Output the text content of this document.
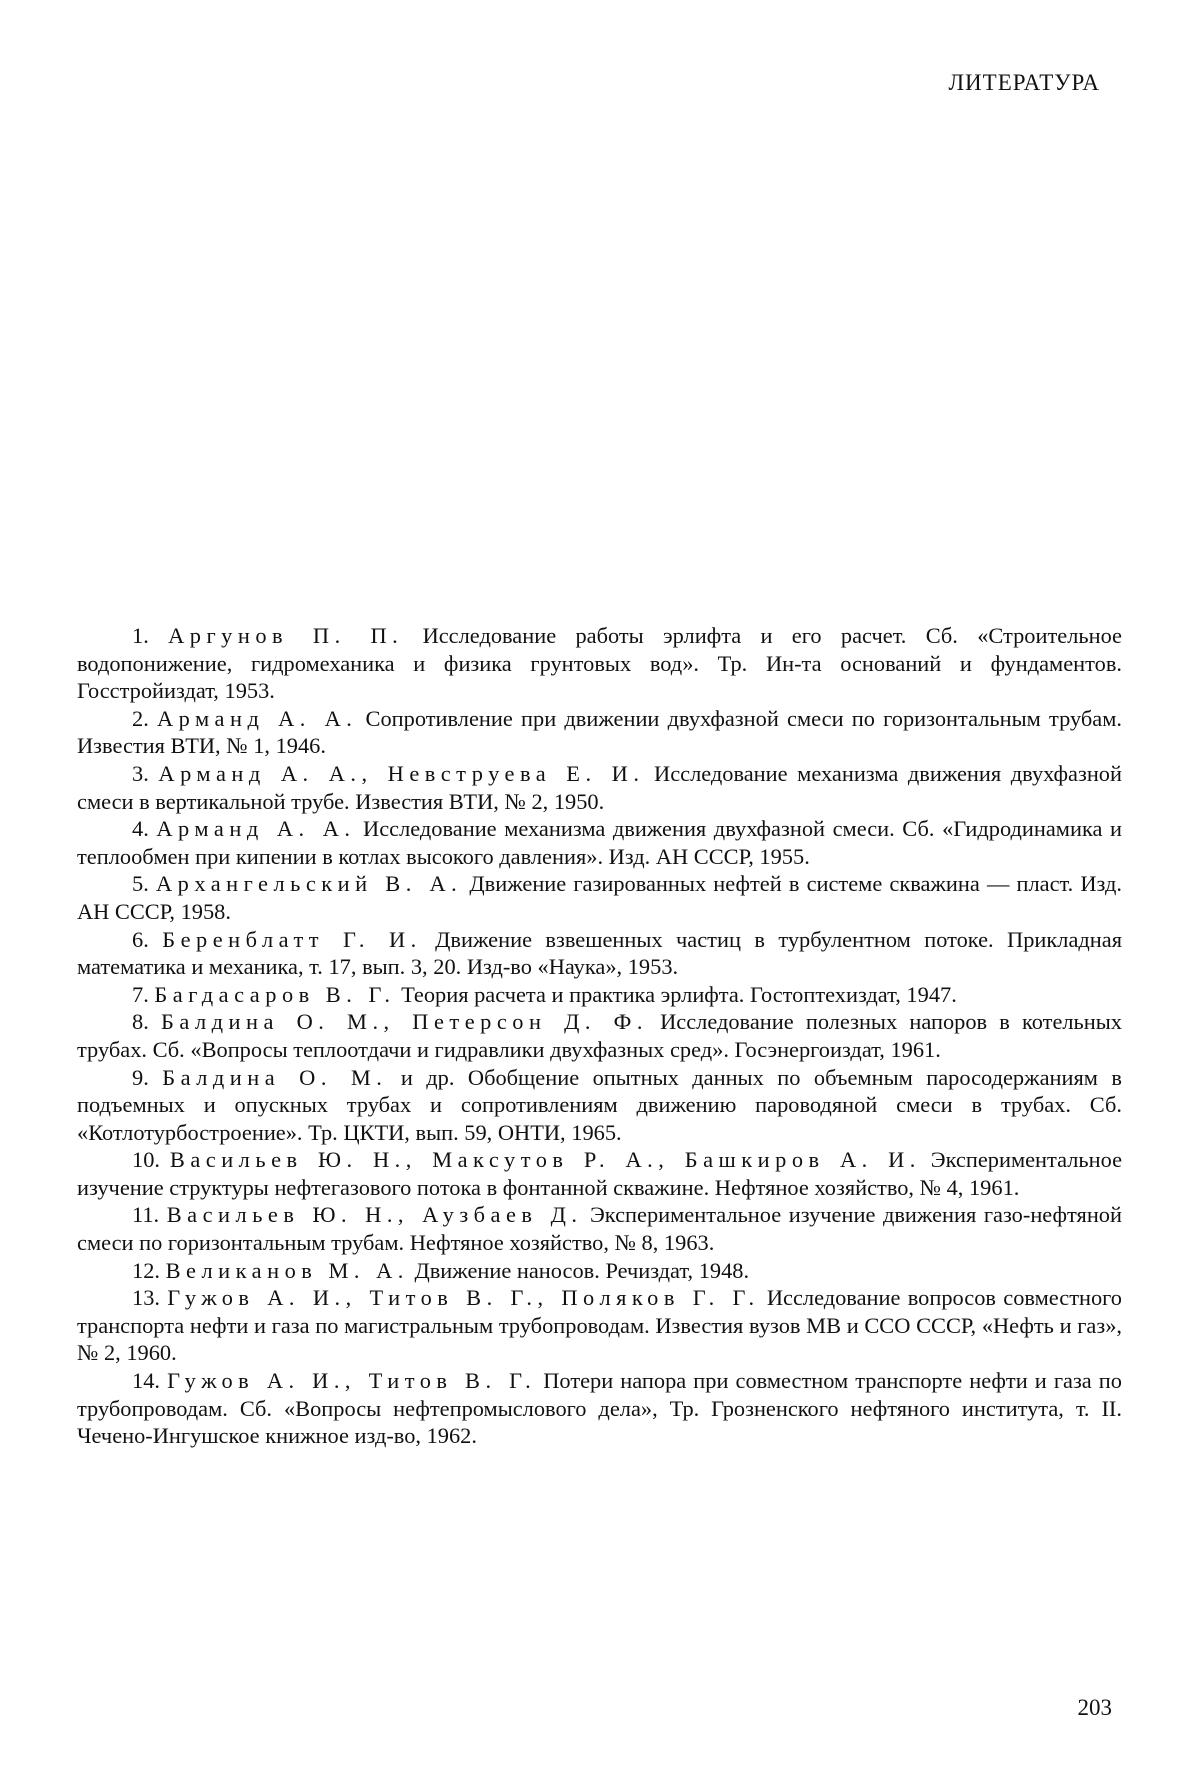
ЛИТЕРАТУРА

1. Аргунов П. П. Исследование работы эрлифта и его расчет. Сб. «Строительное водопонижение, гидромеханика и физика грунтовых вод». Тр. Ин-та оснований и фундаментов. Госстройиздат, 1953.

2. Арманд А. А. Сопротивление при движении двухфазной смеси по горизонтальным трубам. Известия ВТИ, № 1, 1946.

3. Арманд А. А., Невструева Е. И. Исследование механизма движения двухфазной смеси в вертикальной трубе. Известия ВТИ, № 2, 1950.

4. Арманд А. А. Исследование механизма движения двухфазной смеси. Сб. «Гидродинамика и теплообмен при кипении в котлах высокого давления». Изд. АН СССР, 1955.

5. Архангельский В. А. Движение газированных нефтей в системе скважина — пласт. Изд. АН СССР, 1958.

6. Беренблатт Г. И. Движение взвешенных частиц в турбулентном потоке. Прикладная математика и механика, т. 17, вып. 3, 20. Изд-во «Наука», 1953.

7. Багдасаров В. Г. Теория расчета и практика эрлифта. Гостоптехиздат, 1947.

8. Балдина О. М., Петерсон Д. Ф. Исследование полезных напоров в котельных трубах. Сб. «Вопросы теплоотдачи и гидравлики двухфазных сред». Госэнергоиздат, 1961.

9. Балдина О. М. и др. Обобщение опытных данных по объемным паросодержаниям в подъемных и опускных трубах и сопротивлениям движению пароводяной смеси в трубах. Сб. «Котлотурбостроение». Тр. ЦКТИ, вып. 59, ОНТИ, 1965.

10. Васильев Ю. Н., Максутов Р. А., Башкиров А. И. Экспериментальное изучение структуры нефтегазового потока в фонтанной скважине. Нефтяное хозяйство, № 4, 1961.

11. Васильев Ю. Н., Аузбаев Д. Экспериментальное изучение движения газо-нефтяной смеси по горизонтальным трубам. Нефтяное хозяйство, № 8, 1963.

12. Великанов М. А. Движение наносов. Речиздат, 1948.

13. Гужов А. И., Титов В. Г., Поляков Г. Г. Исследование вопросов совместного транспорта нефти и газа по магистральным трубопроводам. Известия вузов МВ и ССО СССР, «Нефть и газ», № 2, 1960.

14. Гужов А. И., Титов В. Г. Потери напора при совместном транспорте нефти и газа по трубопроводам. Сб. «Вопросы нефтепромыслового дела», Тр. Грозненского нефтяного института, т. II. Чечено-Ингушское книжное изд-во, 1962.

203
